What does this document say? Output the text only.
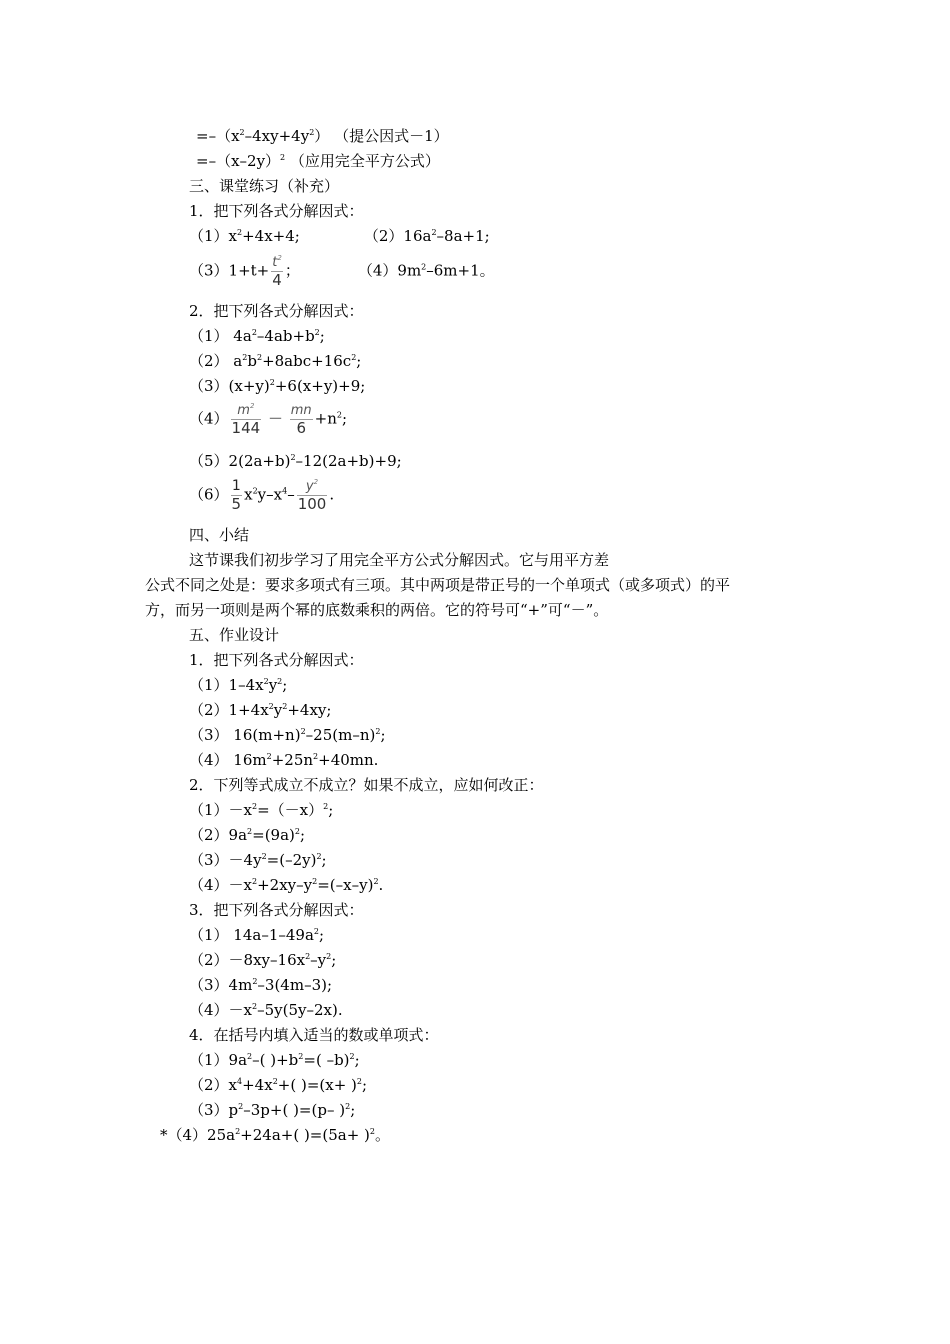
$=-(x^2-4xy+4y^2)$ （提公因式－1）
$=-(x-2y)^2$ （应用完全平方公式）
三、课堂练习（补充）
1．把下列各式分解因式：
$(1)x^2+4x+4$;	$(2)16a^2-8a+1$;
$(3)1+t+ \frac{t^2}{4}$ ；	$(4)9m^2-6m+1$。
2．把下列各式分解因式：
（1） $4a^2-4ab+b^2$;
（2） $a^2b^2+8abc+16c^2$;
$(3)(x+y)^2+6(x+y)+9$;
$(4) \frac{m^2}{144} - \frac{mn}{6} +n^2$;
$(5)2(2a+b)^2-12(2a+b)+9$;
$(6) \frac{1}{5} x^2y-x^4- \frac{y^2}{100}$ .
四、小结
这节课我们初步学习了用完全平方公式分解因式。它与用平方差
公式不同之处是：要求多项式有三项。其中两项是带正号的一个单项式（或多项式）的平
方，而另一项则是两个幂的底数乘积的两倍。它的符号可“+”可“－”。
五、作业设计
1．把下列各式分解因式：
$(1)1-4x^2y^2$;
$(2)1+4x^2y^2+4xy$;
（3） $16(m+n)^2-25(m-n)^2$;
（4） $16m^2+25n^2+40mn$.
2．下列等式成立不成立？如果不成立，应如何改正：
$(1)-x^2=(-x)^2$;
$(2)9a^2=(9a)^2$;
$(3)-4y^2=(-2y)^2$;
$(4)-x^2+2xy-y^2=(-x-y)^2$.
3．把下列各式分解因式：
（1） $14a-1-49a^2$;
$(2)-8xy-16x^2-y^2$;
$(3)4m^2-3(4m-3)$;
$(4)-x^2-5y(5y-2x)$.
4．在括号内填入适当的数或单项式：
$(1)9a^2-$( )$+b^2=$( –b)$^2$;
$(2)x^4+4x^2+$( )$=(x+ )^2$;
$(3)p^2-3p+$( )=(p– )$^2$;
$*(4)25a^2+24a+$( )$=(5a+ )^2$。
